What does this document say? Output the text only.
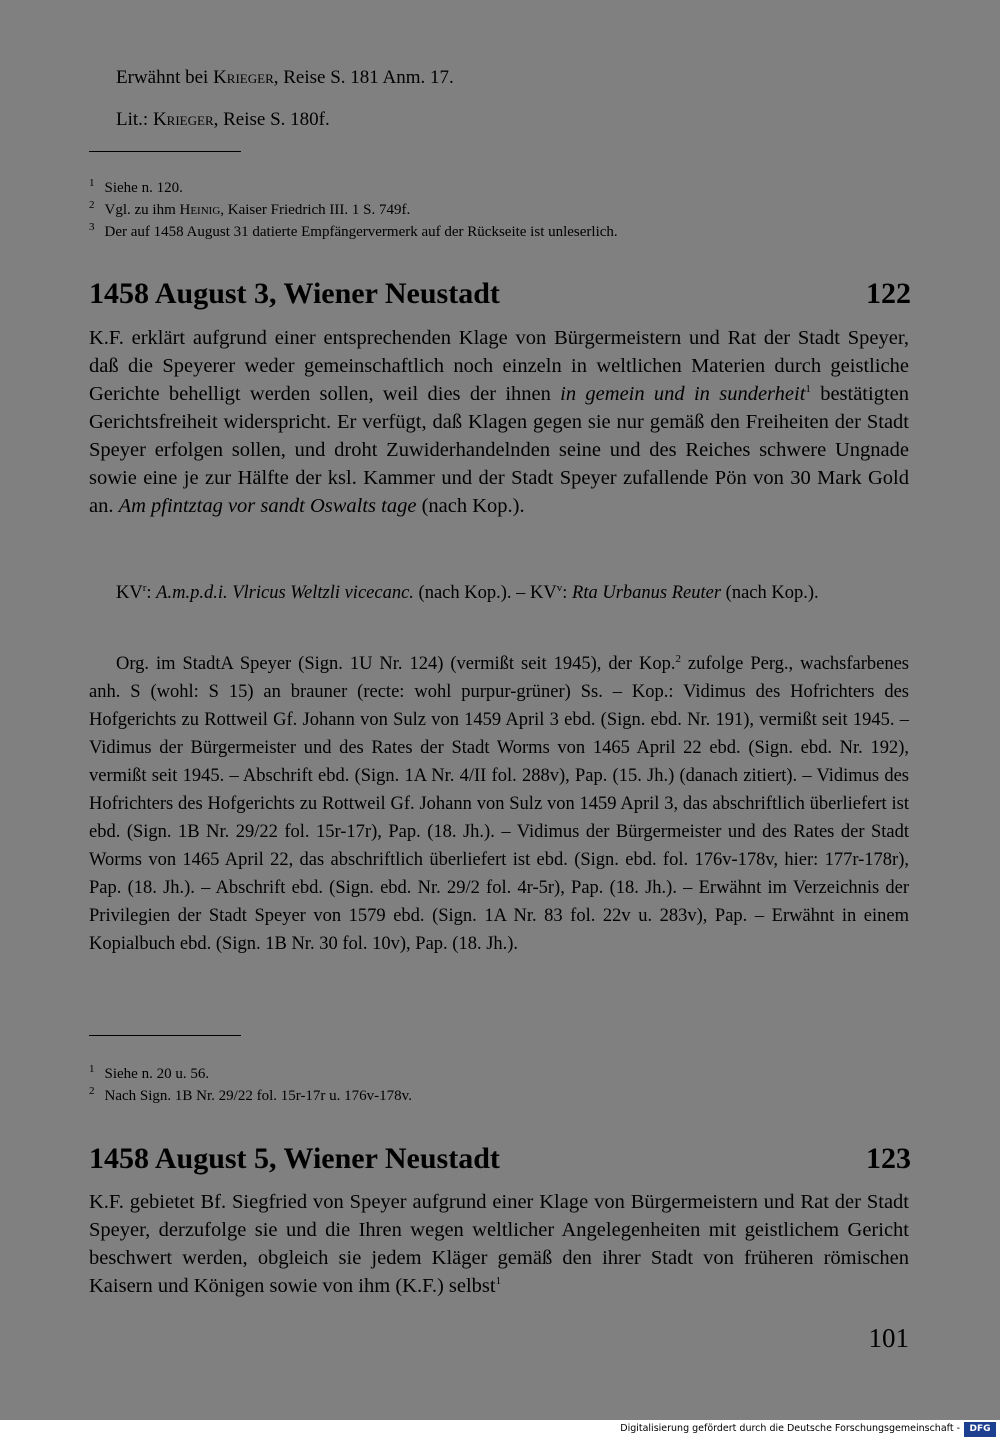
Erwähnt bei Krieger, Reise S. 181 Anm. 17.

Lit.: Krieger, Reise S. 180f.

$^1$ Siehe n. 120.
$^2$ Vgl. zu ihm Heinig, Kaiser Friedrich III. 1 S. 749f.
$^3$ Der auf 1458 August 31 datierte Empfängervermerk auf der Rückseite ist unleserlich.
1458 August 3, Wiener Neustadt	122

K.F. erklärt aufgrund einer entsprechenden Klage von Bürgermeistern und Rat der Stadt Speyer, daß die Speyerer weder gemeinschaftlich noch einzeln in weltlichen Materien durch geistliche Gerichte behelligt werden sollen, weil dies der ihnen in gemein und in sunderheit$^1$ bestätigten Gerichtsfreiheit widerspricht. Er verfügt, daß Klagen gegen sie nur gemäß den Freiheiten der Stadt Speyer erfolgen sollen, und droht Zuwiderhandelnden seine und des Reiches schwere Ungnade sowie eine je zur Hälfte der ksl. Kammer und der Stadt Speyer zufallende Pön von 30 Mark Gold an. Am pfintztag vor sandt Oswalts tage (nach Kop.).

$KV^r$: A.m.p.d.i. Vlricus Weltzli vicecanc. (nach Kop.). – $KV^v$: Rta Urbanus Reuter (nach Kop.).

Org. im StadtA Speyer (Sign. 1U Nr. 124) (vermißt seit 1945), der Kop.$^2$ zufolge Perg., wachsfarbenes anh. S (wohl: S 15) an brauner (recte: wohl purpur-grüner) Ss. – Kop.: Vidimus des Hofrichters des Hofgerichts zu Rottweil Gf. Johann von Sulz von 1459 April 3 ebd. (Sign. ebd. Nr. 191), vermißt seit 1945. – Vidimus der Bürgermeister und des Rates der Stadt Worms von 1465 April 22 ebd. (Sign. ebd. Nr. 192), vermißt seit 1945. – Abschrift ebd. (Sign. 1A Nr. 4/II fol. 288v), Pap. (15. Jh.) (danach zitiert). – Vidimus des Hofrichters des Hofgerichts zu Rottweil Gf. Johann von Sulz von 1459 April 3, das abschriftlich überliefert ist ebd. (Sign. 1B Nr. 29/22 fol. 15r-17r), Pap. (18. Jh.). – Vidimus der Bürgermeister und des Rates der Stadt Worms von 1465 April 22, das abschriftlich überliefert ist ebd. (Sign. ebd. fol. 176v-178v, hier: 177r-178r), Pap. (18. Jh.). – Abschrift ebd. (Sign. ebd. Nr. 29/2 fol. 4r-5r), Pap. (18. Jh.). – Erwähnt im Verzeichnis der Privilegien der Stadt Speyer von 1579 ebd. (Sign. 1A Nr. 83 fol. 22v u. 283v), Pap. – Erwähnt in einem Kopialbuch ebd. (Sign. 1B Nr. 30 fol. 10v), Pap. (18. Jh.).

$^1$ Siehe n. 20 u. 56.
$^2$ Nach Sign. 1B Nr. 29/22 fol. 15r-17r u. 176v-178v.
1458 August 5, Wiener Neustadt	123

K.F. gebietet Bf. Siegfried von Speyer aufgrund einer Klage von Bürgermeistern und Rat der Stadt Speyer, derzufolge sie und die Ihren wegen weltlicher Angelegenheiten mit geistlichem Gericht beschwert werden, obgleich sie jedem Kläger gemäß den ihrer Stadt von früheren römischen Kaisern und Königen sowie von ihm (K.F.) selbst$^1$

101
Digitalisierung gefördert durch die Deutsche Forschungsgemeinschaft -	DFG
